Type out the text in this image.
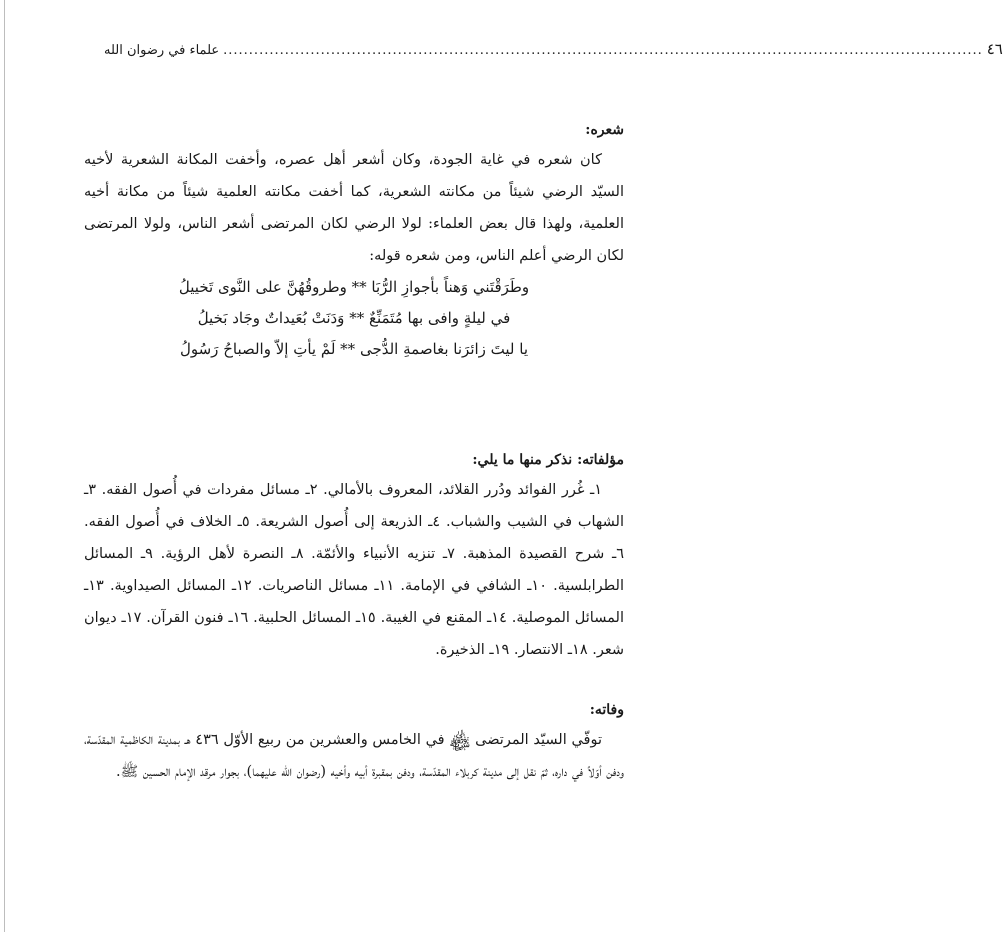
علماء في رضوان الله .................................................................................................................................................... ٤٦

شعره:

كان شعره في غاية الجودة، وكان أشعر أهل عصره، وأخفت المكانة الشعرية لأخيه السيّد الرضي شيئاً من مكانته الشعرية، كما أخفت مكانته العلمية شيئاً من مكانة أخيه العلمية، ولهذا قال بعض العلماء: لولا الرضي لكان المرتضى أشعر الناس، ولولا المرتضى لكان الرضي أعلم الناس، ومن شعره قوله:

وطَرَقْتَني وَهناً بأجوازِ الرُّبَا ** وطروقُهُنَّ على النَّوى تَخييلُ
في ليلةٍ وافى بها مُتَمَنِّعٌ ** وَدَنَتْ بُعَيداتٌ وجَاد بَخيلُ
يا ليتَ زائرَنا بغاصمةِ الدُّجى ** لَمْ يأتِ إلاّ والصباحُ رَسُولُ

مؤلفاته: نذكر منها ما يلي:

١ـ غُرر الفوائد ودُرر القلائد، المعروف بالأمالي. ٢ـ مسائل مفردات في أُصول الفقه. ٣ـ الشهاب في الشيب والشباب. ٤ـ الذريعة إلى أُصول الشريعة. ٥ـ الخلاف في أُصول الفقه. ٦ـ شرح القصيدة المذهبة. ٧ـ تنزيه الأنبياء والأئمّة. ٨ـ النصرة لأهل الرؤية. ٩ـ المسائل الطرابلسية. ١٠ـ الشافي في الإمامة. ١١ـ مسائل الناصريات. ١٢ـ المسائل الصيداوية. ١٣ـ المسائل الموصلية. ١٤ـ المقنع في الغيبة. ١٥ـ المسائل الحلبية. ١٦ـ فنون القرآن. ١٧ـ ديوان شعر. ١٨ـ الانتصار. ١٩ـ الذخيرة.

وفاته:

توفّي السيّد المرتضى ﷾ في الخامس والعشرين من ربيع الأوّل ٤٣٦ هـ بمدينة الكاظمية المقدّسة، ودفن أوّلاً في داره، ثمّ نقل إلى مدينة كربلاء المقدّسة، ودفن بمقبرة أبيه وأخيه (رضوان الله عليهما)، بجوار مرقد الإمام الحسين ﷺ.
